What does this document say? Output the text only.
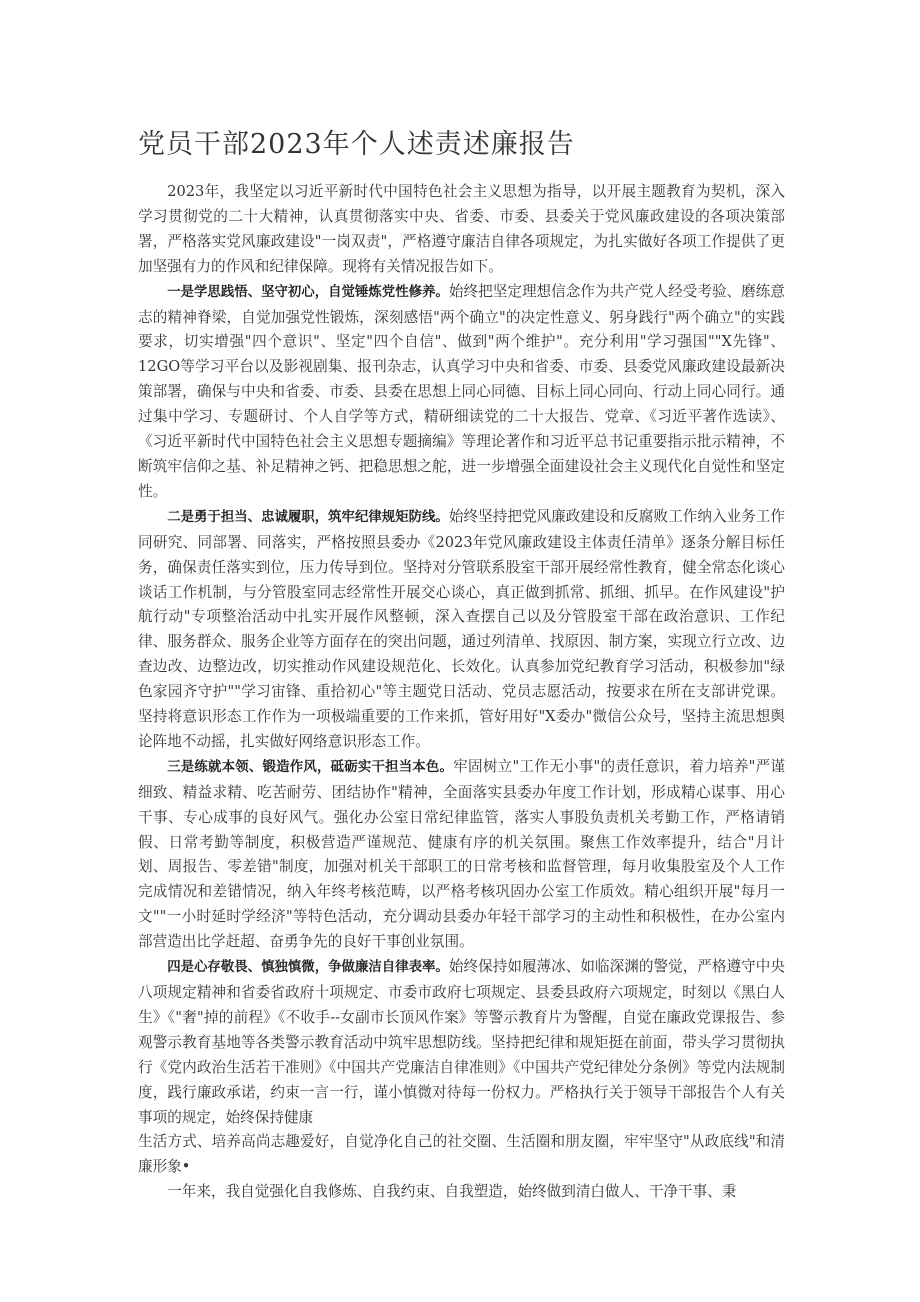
党员干部2023年个人述责述廉报告

2023年，我坚定以习近平新时代中国特色社会主义思想为指导，以开展主题教育为契机，深入学习贯彻党的二十大精神，认真贯彻落实中央、省委、市委、县委关于党风廉政建设的各项决策部署，严格落实党风廉政建设"一岗双责"，严格遵守廉洁自律各项规定，为扎实做好各项工作提供了更加坚强有力的作风和纪律保障。现将有关情况报告如下。

一是学思践悟、坚守初心，自觉锤炼党性修养。始终把坚定理想信念作为共产党人经受考验、磨练意志的精神脊梁，自觉加强党性锻炼，深刻感悟"两个确立"的决定性意义、躬身践行"两个确立"的实践要求，切实增强"四个意识"、坚定"四个自信"、做到"两个维护"。充分利用"学习强国""X先锋"、12GO等学习平台以及影视剧集、报刊杂志，认真学习中央和省委、市委、县委党风廉政建设最新决策部署，确保与中央和省委、市委、县委在思想上同心同德、目标上同心同向、行动上同心同行。通过集中学习、专题研讨、个人自学等方式，精研细读党的二十大报告、党章、《习近平著作选读》、《习近平新时代中国特色社会主义思想专题摘编》等理论著作和习近平总书记重要指示批示精神，不断筑牢信仰之基、补足精神之钙、把稳思想之舵，进一步增强全面建设社会主义现代化自觉性和坚定性。

二是勇于担当、忠诚履职，筑牢纪律规矩防线。始终坚持把党风廉政建设和反腐败工作纳入业务工作同研究、同部署、同落实，严格按照县委办《2023年党风廉政建设主体责任清单》逐条分解目标任务，确保责任落实到位，压力传导到位。坚持对分管联系股室干部开展经常性教育，健全常态化谈心谈话工作机制，与分管股室同志经常性开展交心谈心，真正做到抓常、抓细、抓早。在作风建设"护航行动"专项整治活动中扎实开展作风整顿，深入查摆自己以及分管股室干部在政治意识、工作纪律、服务群众、服务企业等方面存在的突出问题，通过列清单、找原因、制方案，实现立行立改、边查边改、边整边改，切实推动作风建设规范化、长效化。认真参加党纪教育学习活动，积极参加"绿色家园齐守护""学习宙锋、重拾初心"等主题党日活动、党员志愿活动，按要求在所在支部讲党课。坚持将意识形态工作作为一项极端重要的工作来抓，管好用好"X委办"微信公众号，坚持主流思想舆论阵地不动摇，扎实做好网络意识形态工作。

三是练就本领、锻造作风，砥砺实干担当本色。牢固树立"工作无小事"的责任意识，着力培养"严谨细致、精益求精、吃苦耐劳、团结协作"精神，全面落实县委办年度工作计划，形成精心谋事、用心干事、专心成事的良好风气。强化办公室日常纪律监管，落实人事股负责机关考勤工作，严格请销假、日常考勤等制度，积极营造严谨规范、健康有序的机关氛围。聚焦工作效率提升，结合"月计划、周报告、零差错"制度，加强对机关干部职工的日常考核和监督管理，每月收集股室及个人工作完成情况和差错情况，纳入年终考核范畴，以严格考核巩固办公室工作质效。精心组织开展"每月一文""一小时延时学经济"等特色活动，充分调动县委办年轻干部学习的主动性和积极性，在办公室内部营造出比学赶超、奋勇争先的良好干事创业氛围。

四是心存敬畏、慎独慎微，争做廉洁自律表率。始终保持如履薄冰、如临深渊的警觉，严格遵守中央八项规定精神和省委省政府十项规定、市委市政府七项规定、县委县政府六项规定，时刻以《黑白人生》《"奢"掉的前程》《不收手--女副市长顶风作案》等警示教育片为警醒，自觉在廉政党课报告、参观警示教育基地等各类警示教育活动中筑牢思想防线。坚持把纪律和规矩挺在前面，带头学习贯彻执行《党内政治生活若干准则》《中国共产党廉洁自律准则》《中国共产党纪律处分条例》等党内法规制度，践行廉政承诺，约束一言一行，谨小慎微对待每一份权力。严格执行关于领导干部报告个人有关事项的规定，始终保持健康

生活方式、培养高尚志趣爱好，自觉净化自己的社交圈、生活圈和朋友圈，牢牢坚守"从政底线"和清廉形象•

一年来，我自觉强化自我修炼、自我约束、自我塑造，始终做到清白做人、干净干事、秉
